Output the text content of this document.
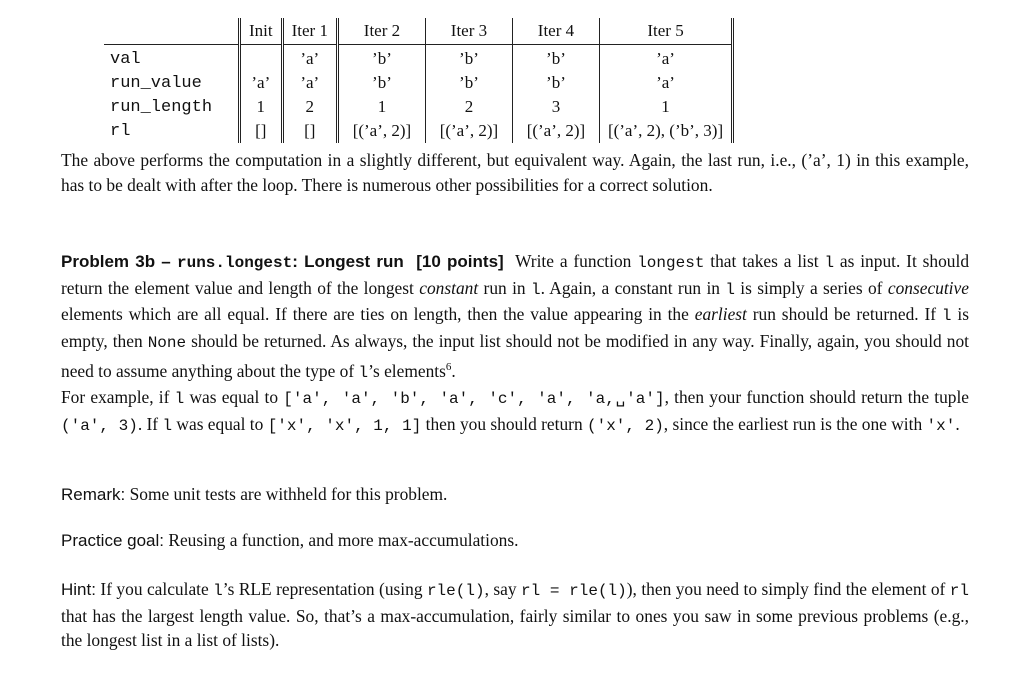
	Init	Iter 1	Iter 2	Iter 3	Iter 4	Iter 5
val		’a’	’b’	’b’	’b’	’a’
run_value	’a’	’a’	’b’	’b’	’b’	’a’
run_length	1	2	1	2	3	1
rl	[]	[]	[(’a’, 2)]	[(’a’, 2)]	[(’a’, 2)]	[(’a’, 2), (’b’, 3)]

The above performs the computation in a slightly different, but equivalent way. Again, the last run, i.e., (’a’, 1) in this example, has to be dealt with after the loop. There is numerous other possibilities for a correct solution.

Problem 3b – runs.longest: Longest run [10 points] Write a function longest that takes a list l as input. It should return the element value and length of the longest constant run in l. Again, a constant run in l is simply a series of consecutive elements which are all equal. If there are ties on length, then the value appearing in the earliest run should be returned. If l is empty, then None should be returned. As always, the input list should not be modified in any way. Finally, again, you should not need to assume anything about the type of l’s elements$^6$.

For example, if l was equal to ['a', 'a', 'b', 'a', 'c', 'a', 'a,␣'a'], then your function should return the tuple ('a', 3). If l was equal to ['x', 'x', 1, 1] then you should return ('x', 2), since the earliest run is the one with 'x'.

Remark: Some unit tests are withheld for this problem.

Practice goal: Reusing a function, and more max-accumulations.

Hint: If you calculate l’s RLE representation (using rle(l), say rl = rle(l)), then you need to simply find the element of rl that has the largest length value. So, that’s a max-accumulation, fairly similar to ones you saw in some previous problems (e.g., the longest list in a list of lists).
